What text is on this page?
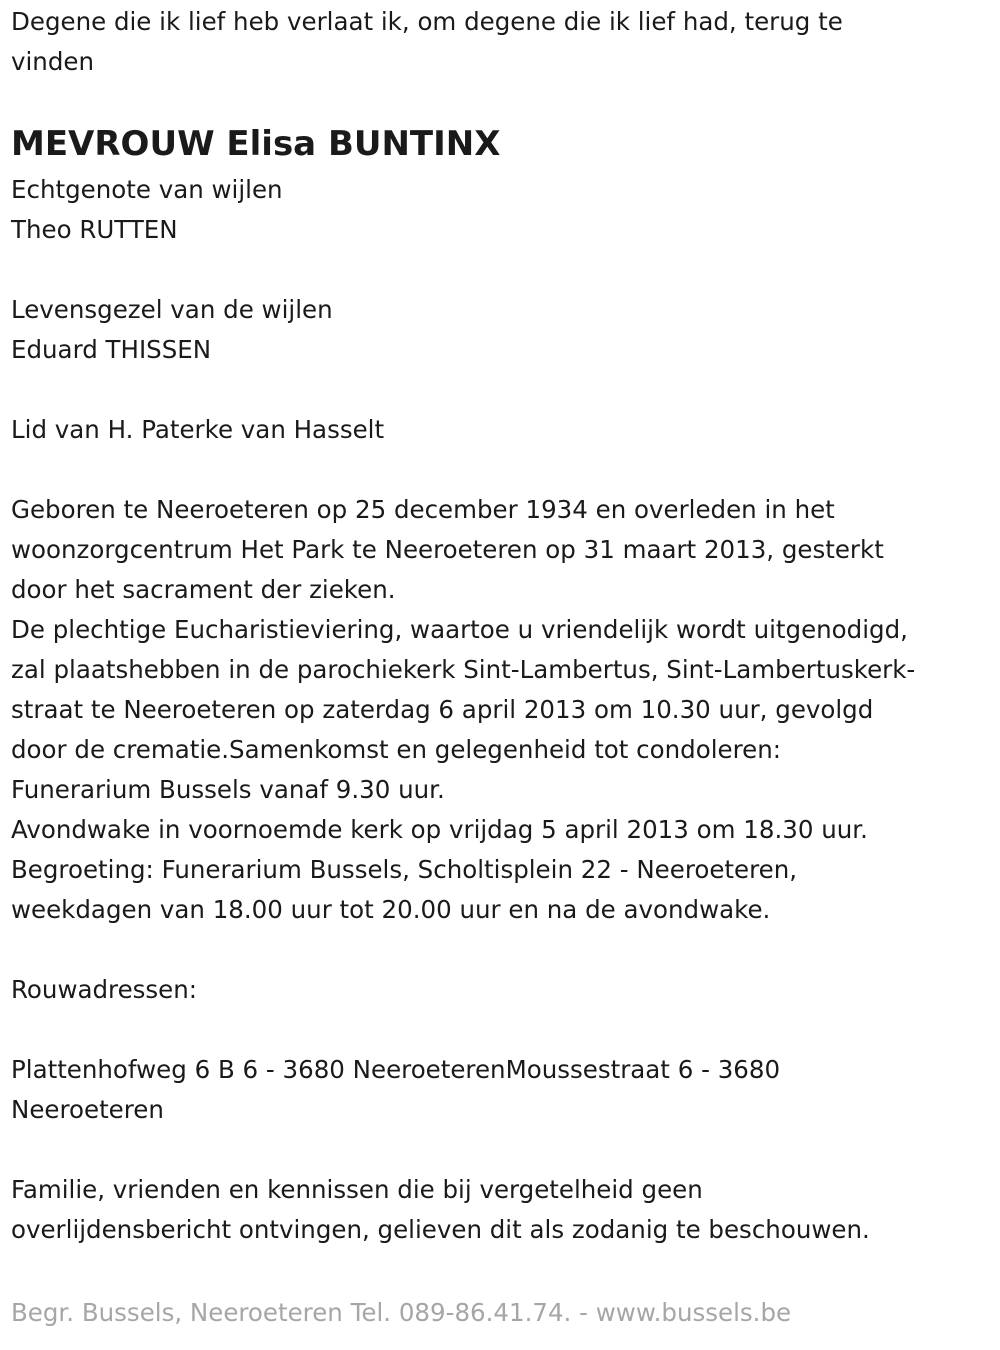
Degene die ik lief heb verlaat ik, om degene die ik lief had, terug te
vinden
MEVROUW Elisa BUNTINX
Echtgenote van wijlen
Theo RUTTEN
Levensgezel van de wijlen
Eduard THISSEN
Lid van H. Paterke van Hasselt
Geboren te Neeroeteren op 25 december 1934 en overleden in het
woonzorgcentrum Het Park te Neeroeteren op 31 maart 2013, gesterkt
door het sacrament der zieken.
De plechtige Eucharistieviering, waartoe u vriendelijk wordt uitgenodigd,
zal plaatshebben in de parochiekerk Sint-Lambertus, Sint-Lambertuskerk-
straat te Neeroeteren op zaterdag 6 april 2013 om 10.30 uur, gevolgd
door de crematie.Samenkomst en gelegenheid tot condoleren:
Funerarium Bussels vanaf 9.30 uur.
Avondwake in voornoemde kerk op vrijdag 5 april 2013 om 18.30 uur.
Begroeting: Funerarium Bussels, Scholtisplein 22 - Neeroeteren,
weekdagen van 18.00 uur tot 20.00 uur en na de avondwake.
Rouwadressen:
Plattenhofweg 6 B 6 - 3680 NeeroeterenMoussestraat 6 - 3680
Neeroeteren
Familie, vrienden en kennissen die bij vergetelheid geen
overlijdensbericht ontvingen, gelieven dit als zodanig te beschouwen.
Begr. Bussels, Neeroeteren Tel. 089-86.41.74. - www.bussels.be
